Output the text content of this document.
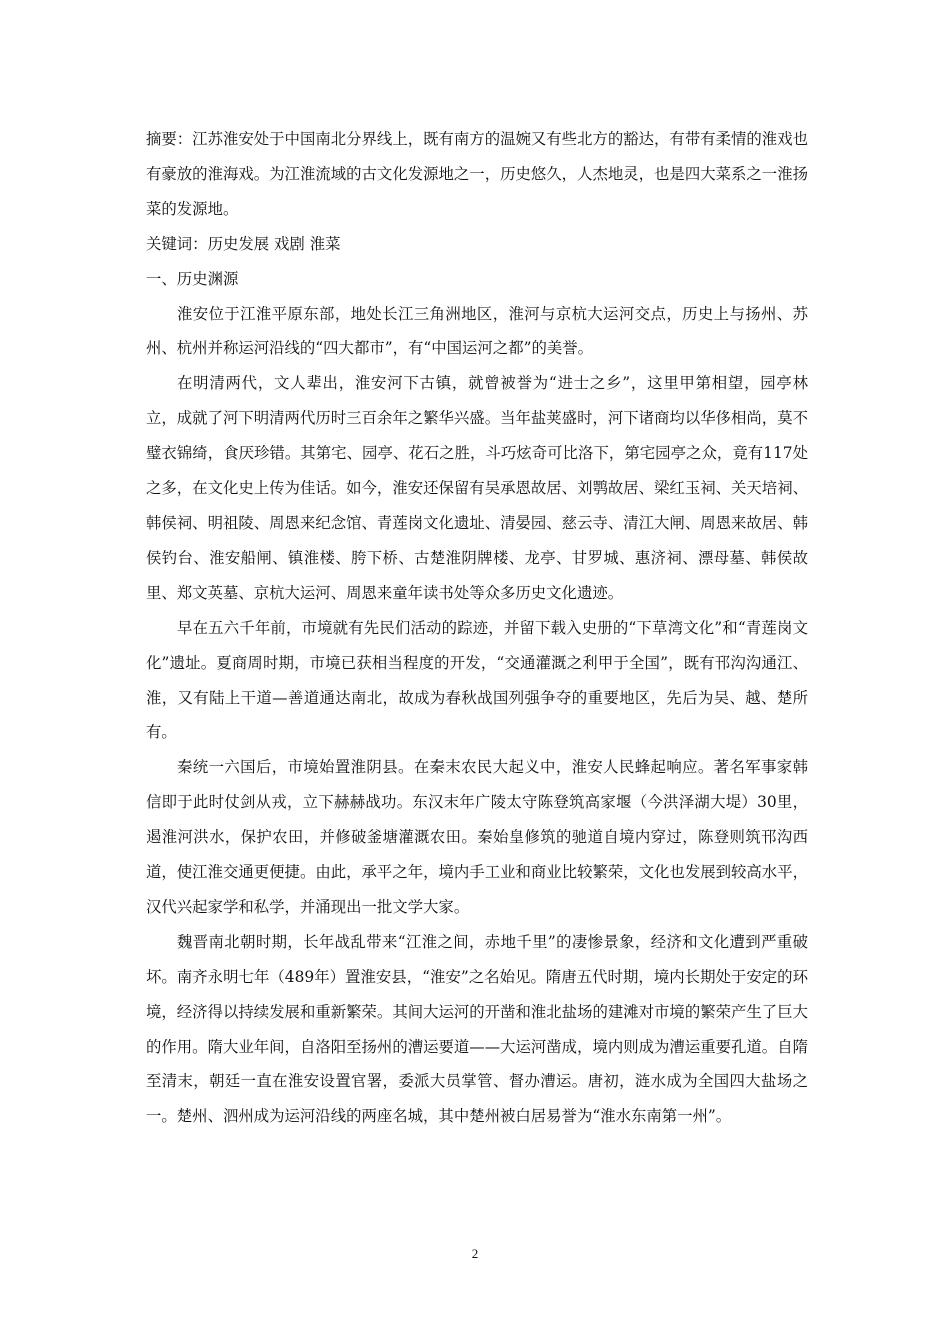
摘要：江苏淮安处于中国南北分界线上，既有南方的温婉又有些北方的豁达，有带有柔情的淮戏也有豪放的淮海戏。为江淮流域的古文化发源地之一，历史悠久，人杰地灵，也是四大菜系之一淮扬菜的发源地。

关键词：历史发展 戏剧 淮菜

一、历史渊源

淮安位于江淮平原东部，地处长江三角洲地区，淮河与京杭大运河交点，历史上与扬州、苏州、杭州并称运河沿线的“四大都市”，有“中国运河之都”的美誉。

在明清两代，文人辈出，淮安河下古镇，就曾被誉为“进士之乡”，这里甲第相望，园亭林立，成就了河下明清两代历时三百余年之繁华兴盛。当年盐荚盛时，河下诸商均以华侈相尚，莫不璧衣锦绮，食厌珍错。其第宅、园亭、花石之胜，斗巧炫奇可比洛下，第宅园亭之众，竟有117处之多，在文化史上传为佳话。如今，淮安还保留有吴承恩故居、刘鹗故居、梁红玉祠、关天培祠、韩侯祠、明祖陵、周恩来纪念馆、青莲岗文化遗址、清晏园、慈云寺、清江大闸、周恩来故居、韩侯钓台、淮安船闸、镇淮楼、胯下桥、古楚淮阴牌楼、龙亭、甘罗城、惠济祠、漂母墓、韩侯故里、郑文英墓、京杭大运河、周恩来童年读书处等众多历史文化遗迹。

早在五六千年前，市境就有先民们活动的踪迹，并留下载入史册的“下草湾文化”和“青莲岗文化”遗址。夏商周时期，市境已获相当程度的开发，“交通灌溉之利甲于全国”，既有邗沟沟通江、淮，又有陆上干道—善道通达南北，故成为春秋战国列强争夺的重要地区，先后为吴、越、楚所有。

秦统一六国后，市境始置淮阴县。在秦末农民大起义中，淮安人民蜂起响应。著名军事家韩信即于此时仗剑从戎，立下赫赫战功。东汉末年广陵太守陈登筑高家堰（今洪泽湖大堤）30里，遏淮河洪水，保护农田，并修破釜塘灌溉农田。秦始皇修筑的驰道自境内穿过，陈登则筑邗沟西道，使江淮交通更便捷。由此，承平之年，境内手工业和商业比较繁荣，文化也发展到较高水平，汉代兴起家学和私学，并涌现出一批文学大家。

魏晋南北朝时期，长年战乱带来“江淮之间，赤地千里”的凄惨景象，经济和文化遭到严重破坏。南齐永明七年（489年）置淮安县，“淮安”之名始见。隋唐五代时期，境内长期处于安定的环境，经济得以持续发展和重新繁荣。其间大运河的开凿和淮北盐场的建滩对市境的繁荣产生了巨大的作用。隋大业年间，自洛阳至扬州的漕运要道——大运河凿成，境内则成为漕运重要孔道。自隋至清末，朝廷一直在淮安设置官署，委派大员掌管、督办漕运。唐初，涟水成为全国四大盐场之一。楚州、泗州成为运河沿线的两座名城，其中楚州被白居易誉为“淮水东南第一州”。

2
